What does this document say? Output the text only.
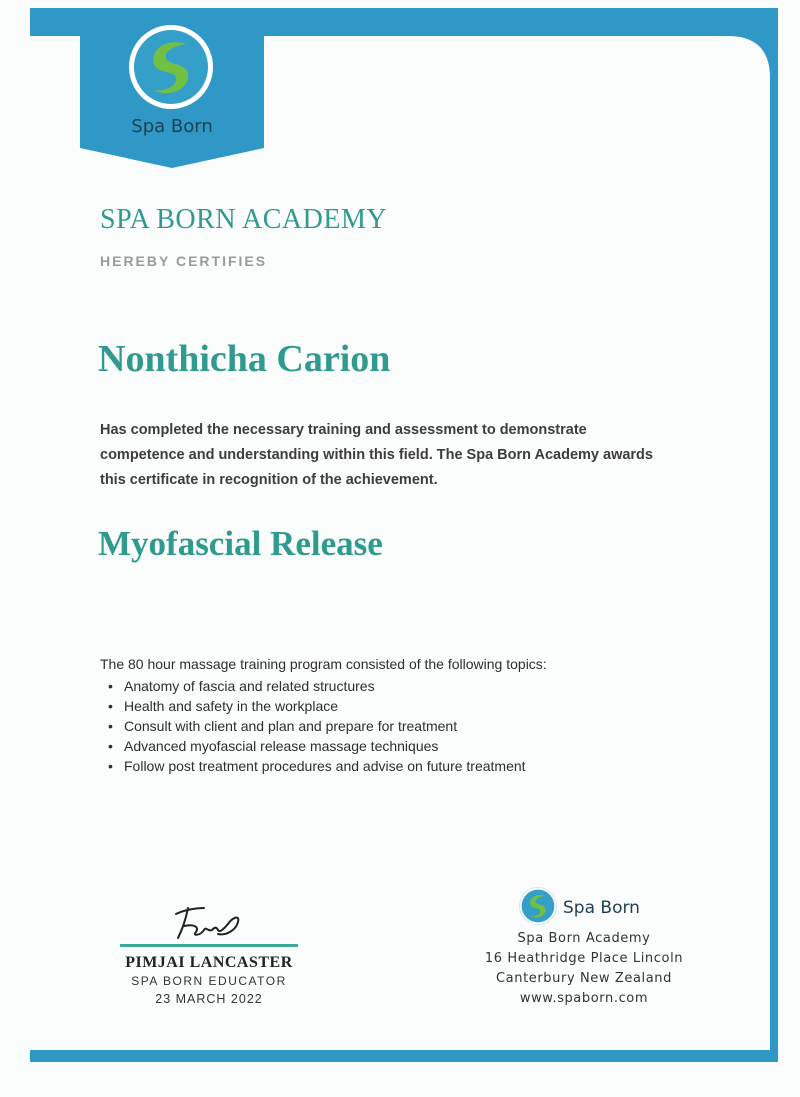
Spa Born
SPA BORN ACADEMY
HEREBY CERTIFIES
Nonthicha Carion

Has completed the necessary training and assessment to demonstrate
competence and understanding within this field. The Spa Born Academy awards
this certificate in recognition of the achievement.

Myofascial Release
The 80 hour massage training program consisted of the following topics:
• Anatomy of fascia and related structures
• Health and safety in the workplace
• Consult with client and plan and prepare for treatment
• Advanced myofascial release massage techniques
• Follow post treatment procedures and advise on future treatment
PIMJAI LANCASTER
SPA BORN EDUCATOR
23 MARCH 2022
Spa Born
Spa Born Academy
16 Heathridge Place Lincoln
Canterbury New Zealand
www.spaborn.com
